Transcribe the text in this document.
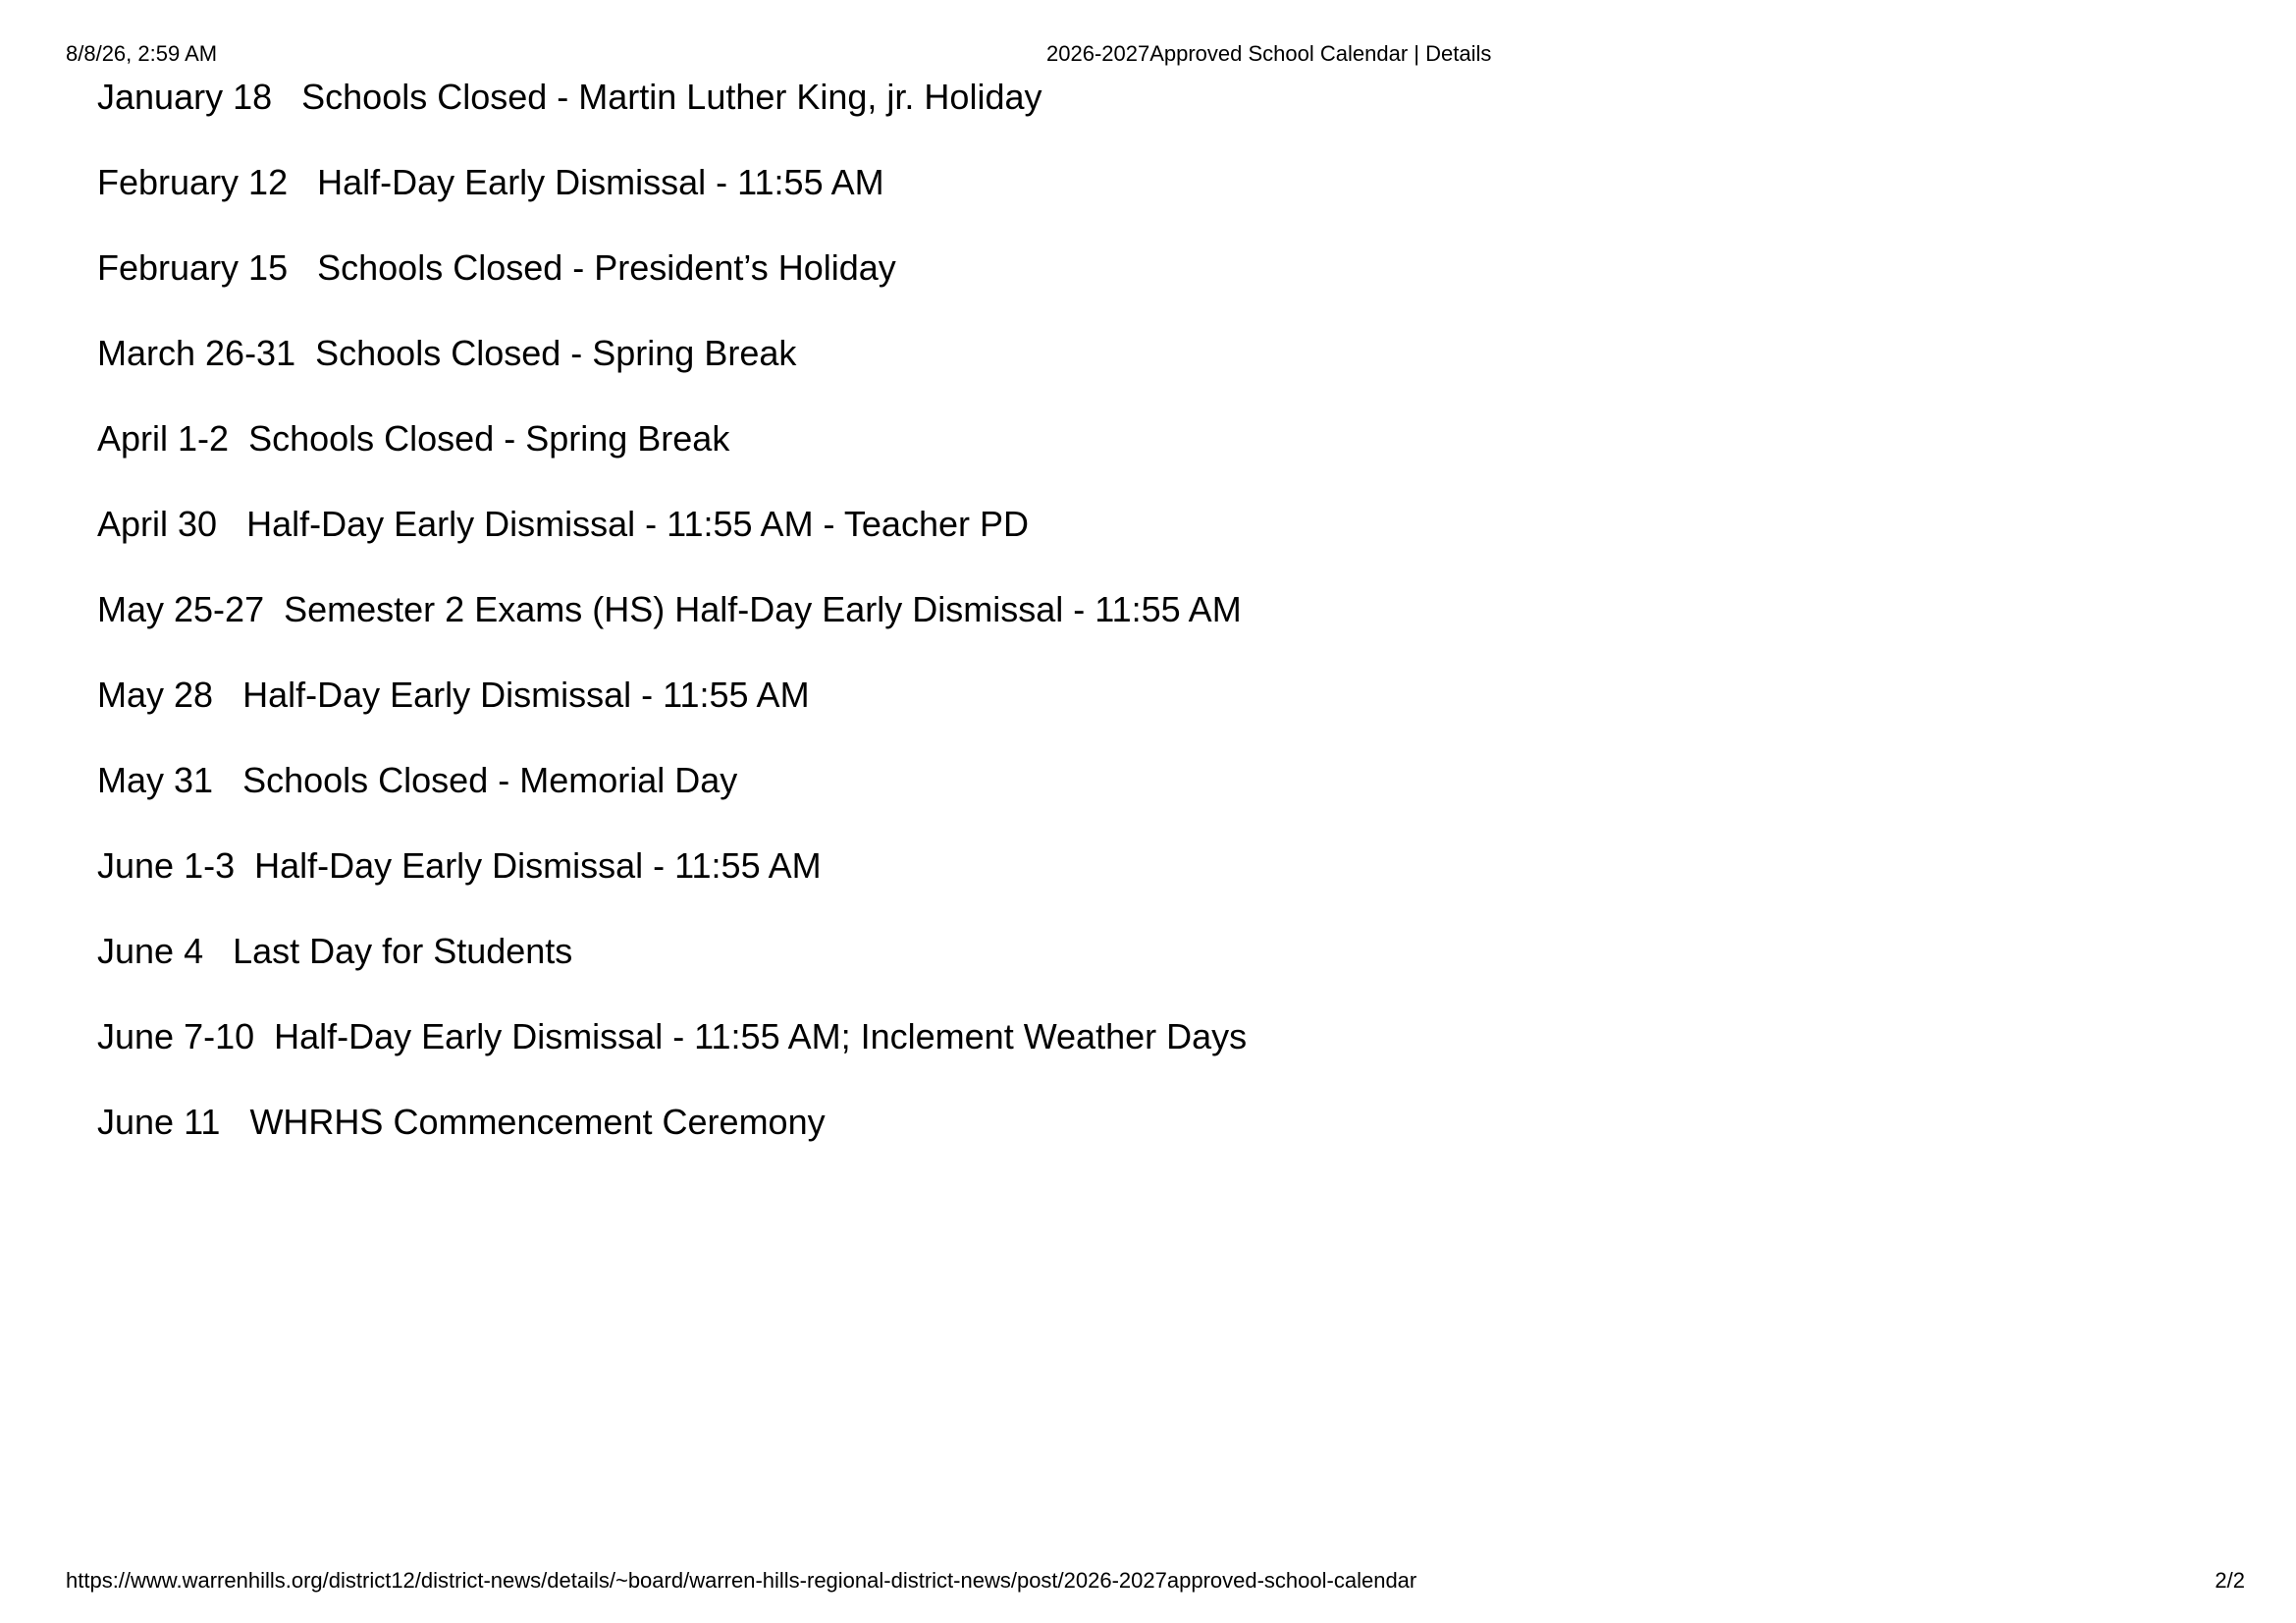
8/8/26, 2:59 AM	2026-2027Approved School Calendar | Details
January 18 Schools Closed - Martin Luther King, jr. Holiday
February 12 Half-Day Early Dismissal - 11:55 AM
February 15 Schools Closed - President’s Holiday
March 26-31 Schools Closed - Spring Break
April 1-2 Schools Closed - Spring Break
April 30 Half-Day Early Dismissal - 11:55 AM - Teacher PD
May 25-27 Semester 2 Exams (HS) Half-Day Early Dismissal - 11:55 AM
May 28 Half-Day Early Dismissal - 11:55 AM
May 31 Schools Closed - Memorial Day
June 1-3 Half-Day Early Dismissal - 11:55 AM
June 4 Last Day for Students
June 7-10 Half-Day Early Dismissal - 11:55 AM; Inclement Weather Days
June 11 WHRHS Commencement Ceremony
https://www.warrenhills.org/district12/district-news/details/~board/warren-hills-regional-district-news/post/2026-2027approved-school-calendar	2/2
